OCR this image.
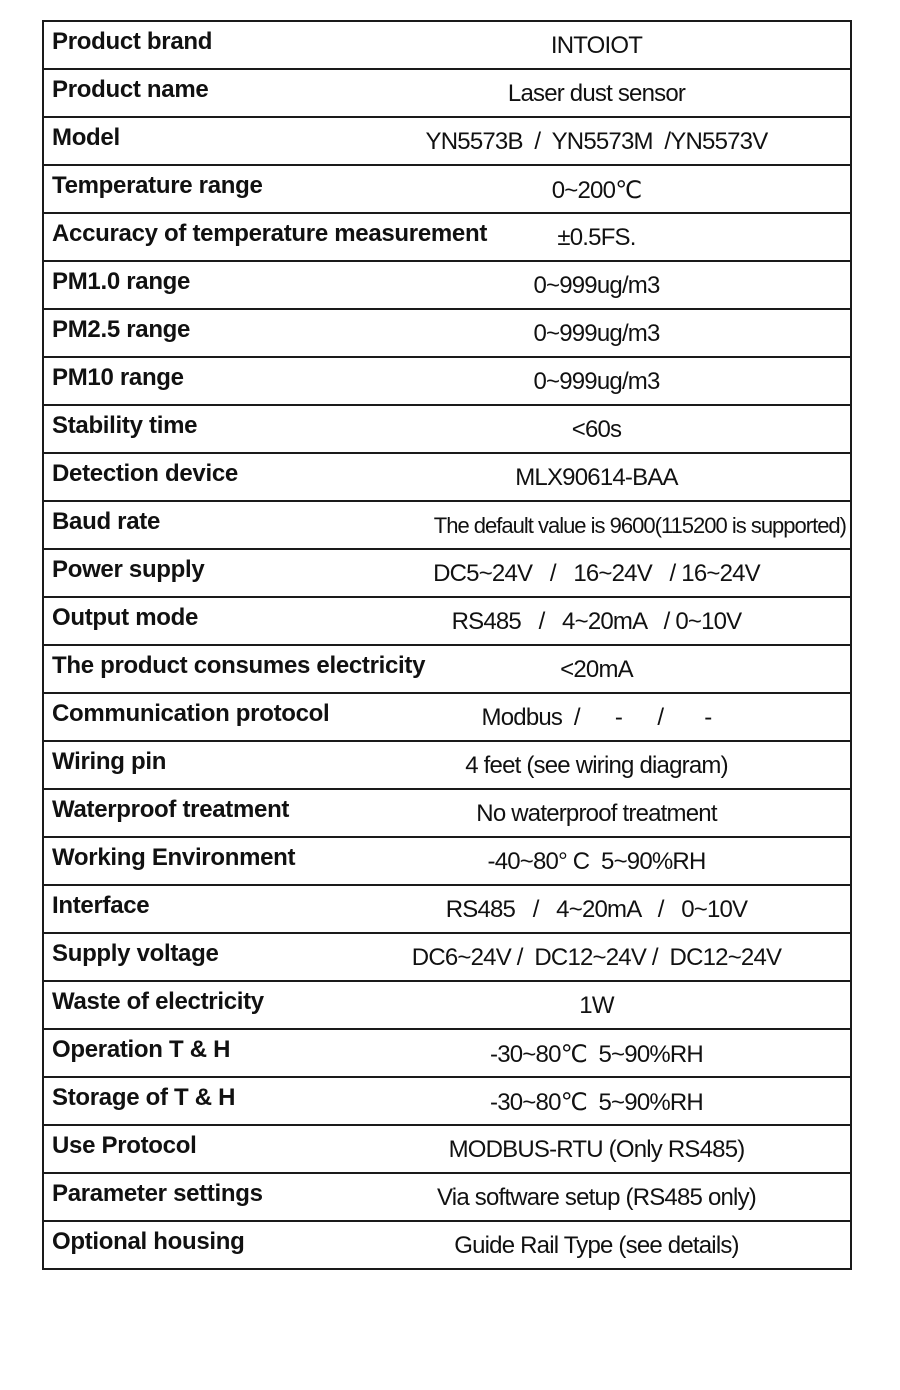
Product brand	INTOIOT
Product name	Laser dust sensor
Model	YN5573B  /  YN5573M  /YN5573V
Temperature range	0~200℃
Accuracy of temperature measurement	±0.5FS.
PM1.0 range	0~999ug/m3
PM2.5 range	0~999ug/m3
PM10 range	0~999ug/m3
Stability time	<60s
Detection device	MLX90614-BAA
Baud rate	The default value is 9600(115200 is supported)
Power supply	DC5~24V   /   16~24V   / 16~24V
Output mode	RS485   /   4~20mA   / 0~10V
The product consumes electricity	<20mA
Communication protocol	Modbus  /      -      /       -
Wiring pin	4 feet (see wiring diagram)
Waterproof treatment	No waterproof treatment
Working Environment	-40~80° C  5~90%RH
Interface	RS485   /   4~20mA   /   0~10V
Supply voltage	DC6~24V /  DC12~24V /  DC12~24V
Waste of electricity	1W
Operation T & H	-30~80℃  5~90%RH
Storage of T & H	-30~80℃  5~90%RH
Use Protocol	MODBUS-RTU (Only RS485)
Parameter settings	Via software setup (RS485 only)
Optional housing	Guide Rail Type (see details)
